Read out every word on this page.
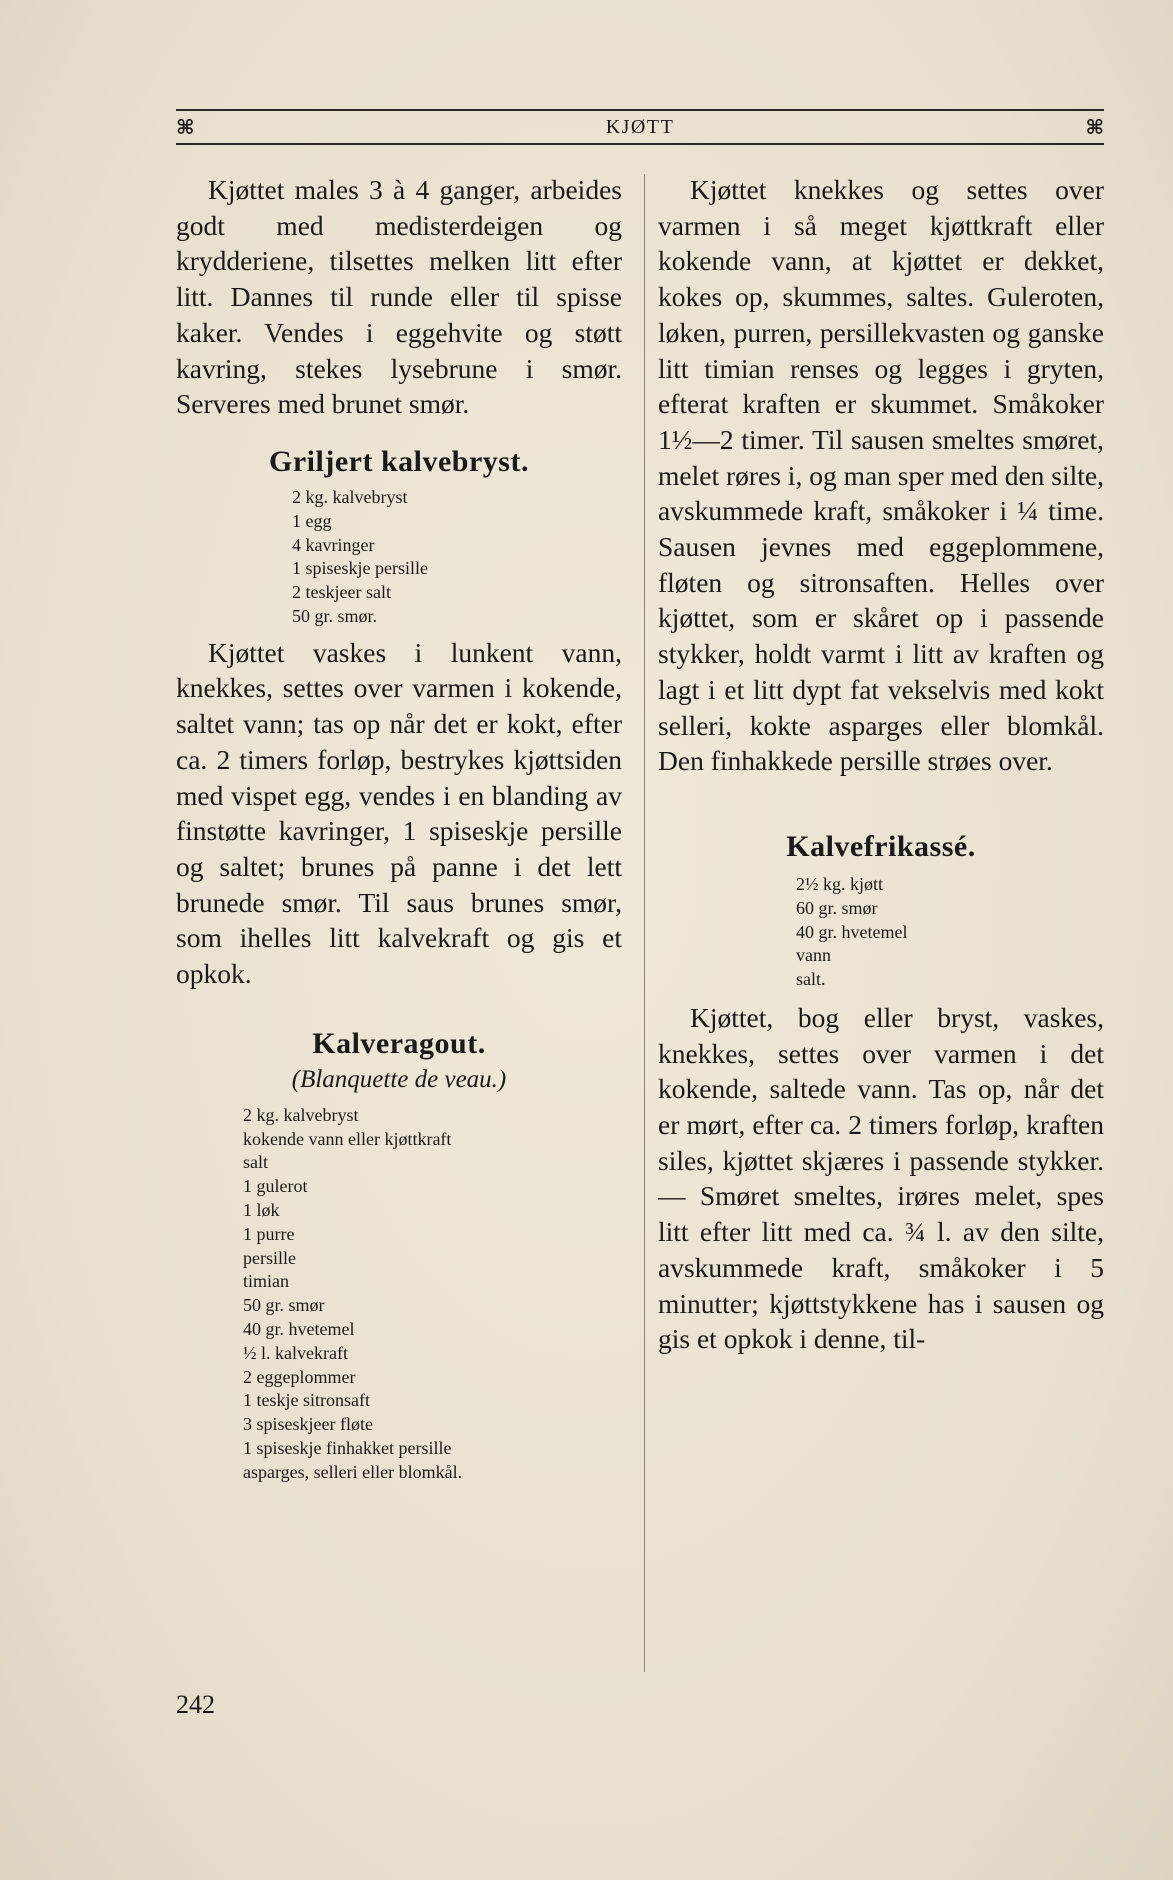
⌘	KJØTT	⌘

Kjøttet males 3 à 4 ganger, arbeides godt med medisterdeigen og krydderiene, tilsettes melken litt efter litt. Dannes til runde eller til spisse kaker. Vendes i eggehvite og støtt kavring, stekes lysebrune i smør. Serveres med brunet smør.

Griljert kalvebryst.
2 kg. kalvebryst
1 egg
4 kavringer
1 spiseskje persille
2 teskjeer salt
50 gr. smør.

Kjøttet vaskes i lunkent vann, knekkes, settes over varmen i kokende, saltet vann; tas op når det er kokt, efter ca. 2 timers forløp, bestrykes kjøttsiden med vispet egg, vendes i en blanding av finstøtte kavringer, 1 spiseskje persille og saltet; brunes på panne i det lett brunede smør. Til saus brunes smør, som ihelles litt kalvekraft og gis et opkok.

Kalveragout.
(Blanquette de veau.)
2 kg. kalvebryst
kokende vann eller kjøttkraft
salt
1 gulerot
1 løk
1 purre
persille
timian
50 gr. smør
40 gr. hvetemel
½ l. kalvekraft
2 eggeplommer
1 teskje sitronsaft
3 spiseskjeer fløte
1 spiseskje finhakket persille
asparges, selleri eller blomkål.

Kjøttet knekkes og settes over varmen i så meget kjøttkraft eller kokende vann, at kjøttet er dekket, kokes op, skummes, saltes. Guleroten, løken, purren, persillekvasten og ganske litt timian renses og legges i gryten, efterat kraften er skummet. Småkoker 1½—2 timer. Til sausen smeltes smøret, melet røres i, og man sper med den silte, avskummede kraft, småkoker i ¼ time. Sausen jevnes med eggeplommene, fløten og sitronsaften. Helles over kjøttet, som er skåret op i passende stykker, holdt varmt i litt av kraften og lagt i et litt dypt fat vekselvis med kokt selleri, kokte asparges eller blomkål. Den finhakkede persille strøes over.

Kalvefrikassé.
2½ kg. kjøtt
60 gr. smør
40 gr. hvetemel
vann
salt.

Kjøttet, bog eller bryst, vaskes, knekkes, settes over varmen i det kokende, saltede vann. Tas op, når det er mørt, efter ca. 2 timers forløp, kraften siles, kjøttet skjæres i passende stykker. — Smøret smeltes, irøres melet, spes litt efter litt med ca. ¾ l. av den silte, avskummede kraft, småkoker i 5 minutter; kjøttstykkene has i sausen og gis et opkok i denne, til-

242
